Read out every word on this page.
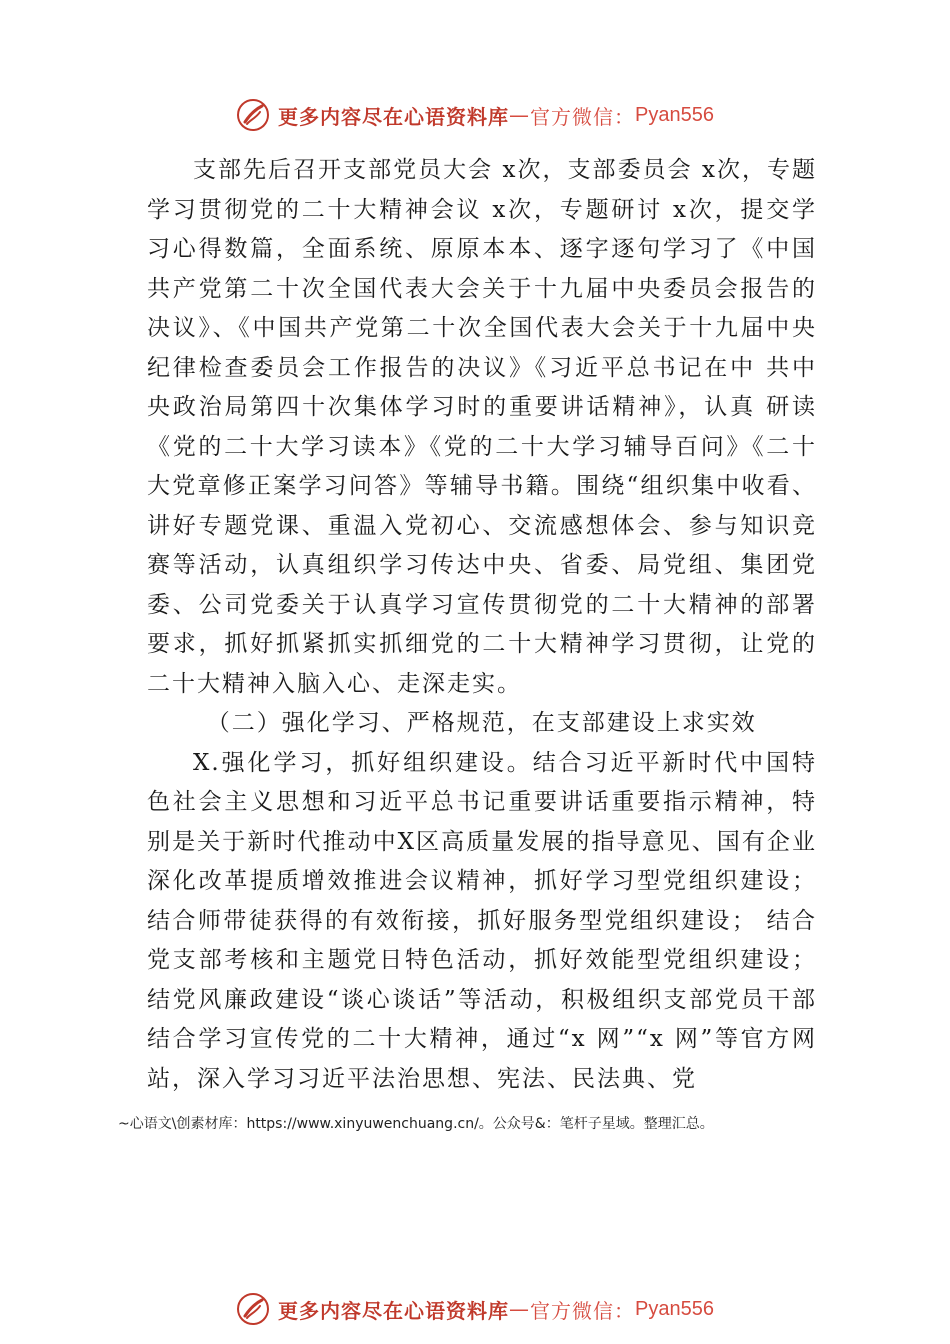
更多内容尽在心语资料库 — 官方微信： Pyan556

支部先后召开支部党员大会 x次，支部委员会 x次，专题学习贯彻党的二十大精神会议 x次，专题研讨 x次，提交学习心得数篇，全面系统、原原本本、逐字逐句学习了《中国共产党第二十次全国代表大会关于十九届中央委员会报告的决议》、《中国共产党第二十次全国代表大会关于十九届中央纪律检查委员会工作报告的决议》《习近平总书记在中 共中央政治局第四十次集体学习时的重要讲话精神》，认真 研读《党的二十大学习读本》《党的二十大学习辅导百问》《二十大党章修正案学习问答》等辅导书籍。围绕“组织集中收看、讲好专题党课、重温入党初心、交流感想体会、参与知识竞赛等活动，认真组织学习传达中央、省委、局党组、集团党委、公司党委关于认真学习宣传贯彻党的二十大精神的部署要求，抓好抓紧抓实抓细党的二十大精神学习贯彻，让党的二十大精神入脑入心、走深走实。

（二）强化学习、严格规范，在支部建设上求实效

X.强化学习，抓好组织建设。结合习近平新时代中国特色社会主义思想和习近平总书记重要讲话重要指示精神，特别是关于新时代推动中X区高质量发展的指导意见、国有企业深化改革提质增效推进会议精神，抓好学习型党组织建设；结合师带徒获得的有效衔接，抓好服务型党组织建设； 结合党支部考核和主题党日特色活动，抓好效能型党组织建设；结党风廉政建设“谈心谈话”等活动，积极组织支部党员干部结合学习宣传党的二十大精神，通过“x 网”“x 网”等官方网站，深入学习习近平法治思想、宪法、民法典、党

~心语文\创素材库：https://www.xinyuwenchuang.cn/。公众号&：笔杆子星域。整理汇总。
更多内容尽在心语资料库 — 官方微信： Pyan556
